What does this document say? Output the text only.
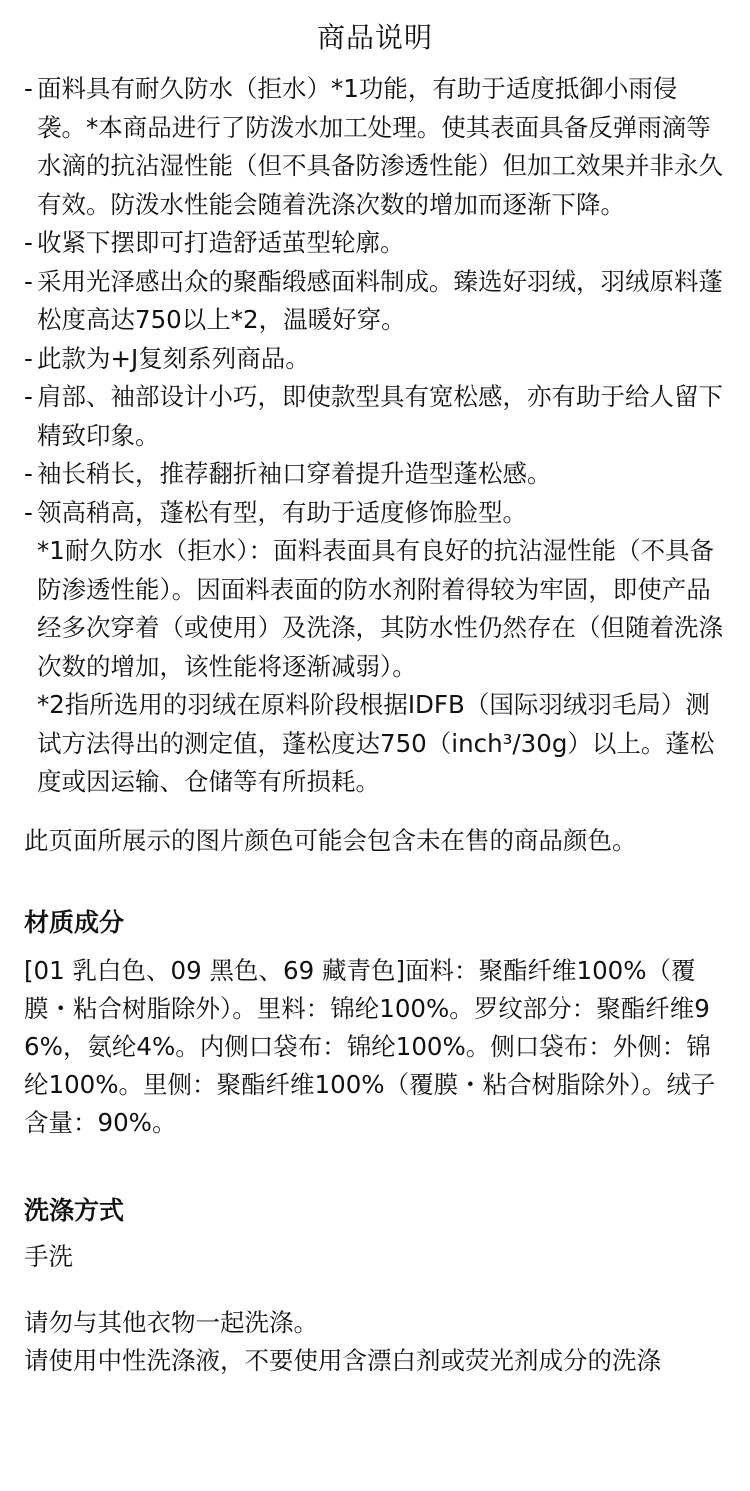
商品说明
- 面料具有耐久防水（拒水）*1功能，有助于适度抵御小雨侵袭。*本商品进行了防泼水加工处理。使其表面具备反弹雨滴等水滴的抗沾湿性能（但不具备防渗透性能）但加工效果并非永久有效。防泼水性能会随着洗涤次数的增加而逐渐下降。
- 收紧下摆即可打造舒适茧型轮廓。
- 采用光泽感出众的聚酯缎感面料制成。臻选好羽绒，羽绒原料蓬松度高达750以上*2，温暖好穿。
- 此款为+J复刻系列商品。
- 肩部、袖部设计小巧，即使款型具有宽松感，亦有助于给人留下精致印象。
- 袖长稍长，推荐翻折袖口穿着提升造型蓬松感。
- 领高稍高，蓬松有型，有助于适度修饰脸型。

*1耐久防水（拒水）：面料表面具有良好的抗沾湿性能（不具备防渗透性能）。因面料表面的防水剂附着得较为牢固，即使产品经多次穿着（或使用）及洗涤，其防水性仍然存在（但随着洗涤次数的增加，该性能将逐渐减弱）。

*2指所选用的羽绒在原料阶段根据IDFB（国际羽绒羽毛局）测试方法得出的测定值，蓬松度达750（inch³/30g）以上。蓬松度或因运输、仓储等有所损耗。

此页面所展示的图片颜色可能会包含未在售的商品颜色。

材质成分

[01 乳白色、09 黑色、69 藏青色]面料：聚酯纤维100%（覆膜・粘合树脂除外）。里料：锦纶100%。罗纹部分：聚酯纤维96%，氨纶4%。内侧口袋布：锦纶100%。侧口袋布：外侧：锦纶100%。里侧：聚酯纤维100%（覆膜・粘合树脂除外）。绒子含量：90%。

洗涤方式

手洗

请勿与其他衣物一起洗涤。

请使用中性洗涤液，不要使用含漂白剂或荧光剂成分的洗涤
